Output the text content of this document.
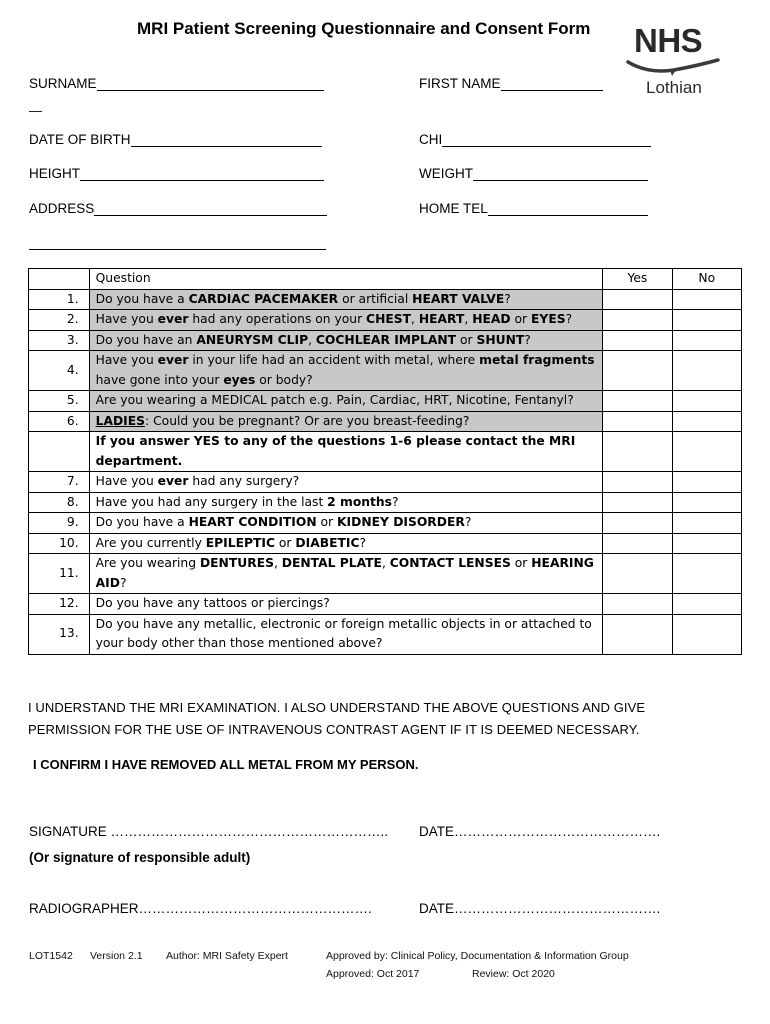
MRI Patient Screening Questionnaire and Consent Form NHS
Lothian
SURNAME
—
FIRST NAME
DATE OF BIRTH	CHI
HEIGHT	WEIGHT
ADDRESS	HOME TEL
	Question	Yes	No
1.	Do you have a CARDIAC PACEMAKER or artificial HEART VALVE?		
2.	Have you ever had any operations on your CHEST, HEART, HEAD or EYES?		
3.	Do you have an ANEURYSM CLIP, COCHLEAR IMPLANT or SHUNT?		
4.	Have you ever in your life had an accident with metal, where metal fragments have gone into your eyes or body?		
5.	Are you wearing a MEDICAL patch e.g. Pain, Cardiac, HRT, Nicotine, Fentanyl?		
6.	LADIES: Could you be pregnant? Or are you breast-feeding?		
	If you answer YES to any of the questions 1-6 please contact the MRI department.		
7.	Have you ever had any surgery?		
8.	Have you had any surgery in the last 2 months?		
9.	Do you have a HEART CONDITION or KIDNEY DISORDER?		
10.	Are you currently EPILEPTIC or DIABETIC?		
11.	Are you wearing DENTURES, DENTAL PLATE, CONTACT LENSES or HEARING AID?		
12.	Do you have any tattoos or piercings?		
13.	Do you have any metallic, electronic or foreign metallic objects in or attached to your body other than those mentioned above?		
I UNDERSTAND THE MRI EXAMINATION. I ALSO UNDERSTAND THE ABOVE QUESTIONS AND GIVE PERMISSION FOR THE USE OF INTRAVENOUS CONTRAST AGENT IF IT IS DEEMED NECESSARY.
I CONFIRM I HAVE REMOVED ALL METAL FROM MY PERSON.
SIGNATURE …………………………………………………….. DATE……………………………………….
(Or signature of responsible adult)
RADIOGRAPHER…………………………………………….	DATE……………………………………….
LOT1542 Version 2.1 Author: MRI Safety Expert	Approved by: Clinical Policy, Documentation & Information Group
Approved: Oct 2017	Review: Oct 2020
